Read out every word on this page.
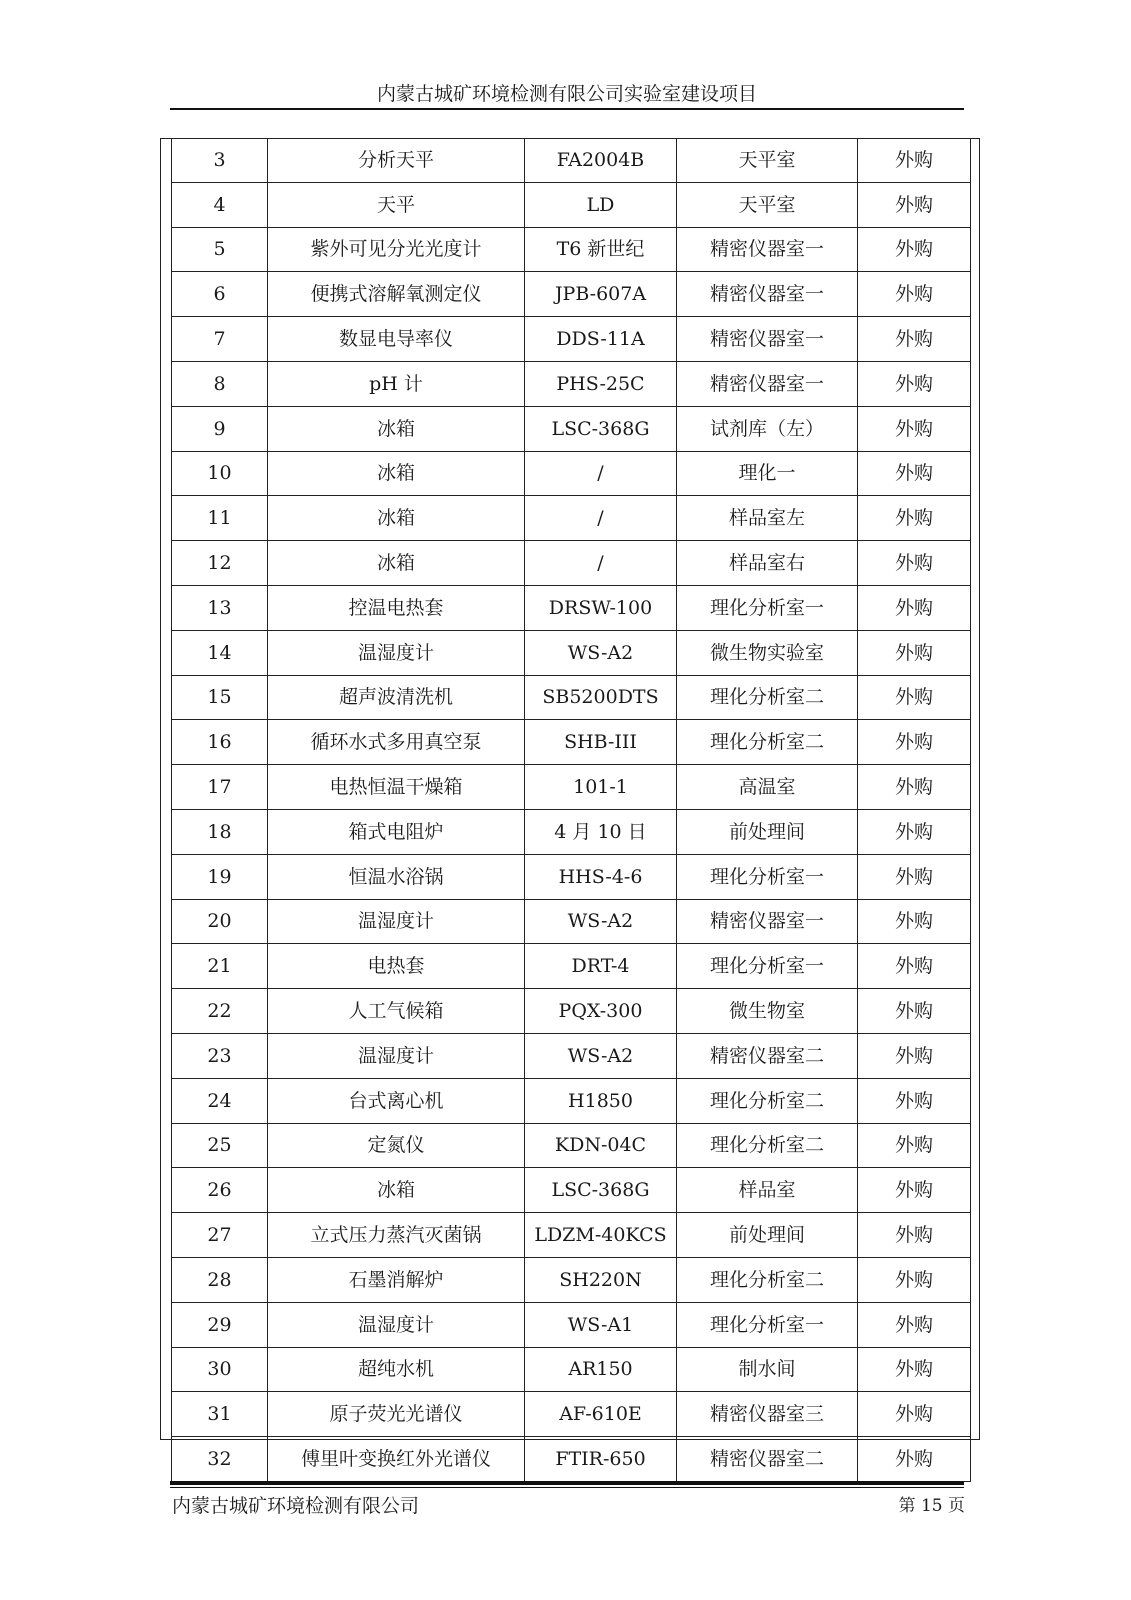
内蒙古城矿环境检测有限公司实验室建设项目
3	分析天平	FA2004B	天平室	外购
4	天平	LD	天平室	外购
5	紫外可见分光光度计	T6 新世纪	精密仪器室一	外购
6	便携式溶解氧测定仪	JPB-607A	精密仪器室一	外购
7	数显电导率仪	DDS-11A	精密仪器室一	外购
8	pH 计	PHS-25C	精密仪器室一	外购
9	冰箱	LSC-368G	试剂库（左）	外购
10	冰箱	/	理化一	外购
11	冰箱	/	样品室左	外购
12	冰箱	/	样品室右	外购
13	控温电热套	DRSW-100	理化分析室一	外购
14	温湿度计	WS-A2	微生物实验室	外购
15	超声波清洗机	SB5200DTS	理化分析室二	外购
16	循环水式多用真空泵	SHB-III	理化分析室二	外购
17	电热恒温干燥箱	101-1	高温室	外购
18	箱式电阻炉	4 月 10 日	前处理间	外购
19	恒温水浴锅	HHS-4-6	理化分析室一	外购
20	温湿度计	WS-A2	精密仪器室一	外购
21	电热套	DRT-4	理化分析室一	外购
22	人工气候箱	PQX-300	微生物室	外购
23	温湿度计	WS-A2	精密仪器室二	外购
24	台式离心机	H1850	理化分析室二	外购
25	定氮仪	KDN-04C	理化分析室二	外购
26	冰箱	LSC-368G	样品室	外购
27	立式压力蒸汽灭菌锅	LDZM-40KCS	前处理间	外购
28	石墨消解炉	SH220N	理化分析室二	外购
29	温湿度计	WS-A1	理化分析室一	外购
30	超纯水机	AR150	制水间	外购
31	原子荧光光谱仪	AF-610E	精密仪器室三	外购
32	傅里叶变换红外光谱仪	FTIR-650	精密仪器室二	外购
内蒙古城矿环境检测有限公司	第 15 页
